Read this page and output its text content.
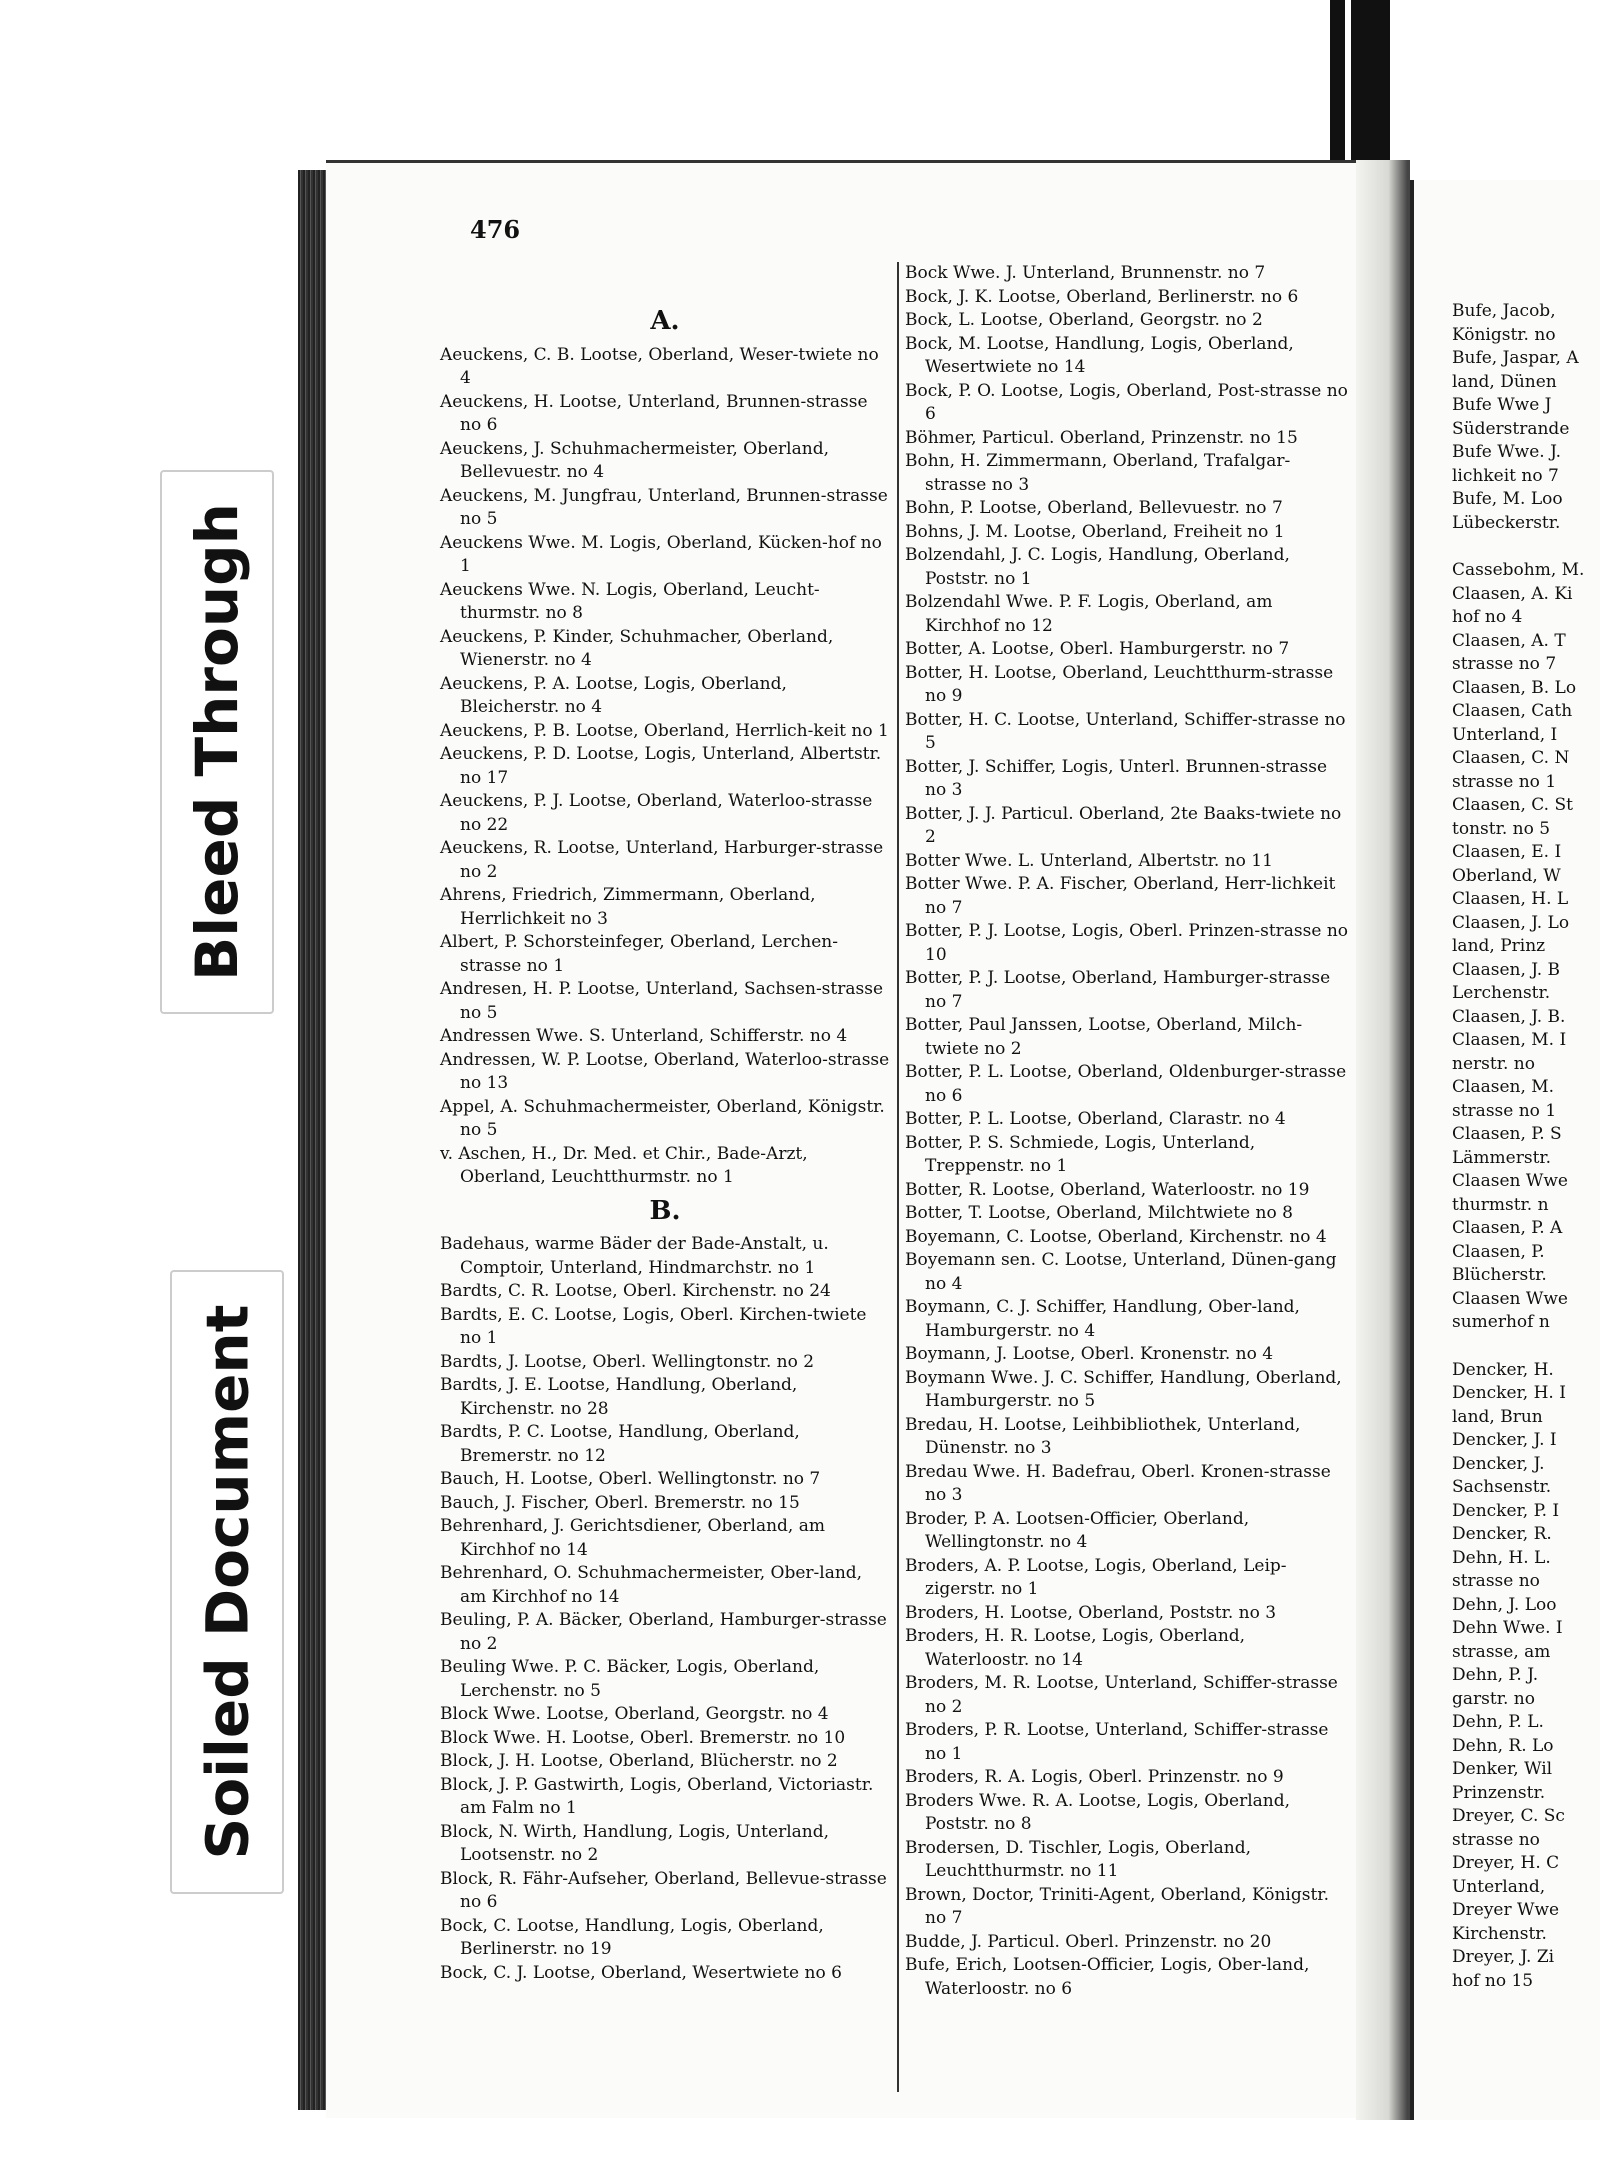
Bleed Through
Soiled Document
476
A.
Aeuckens, C. B. Lootse, Oberland, Weser-twiete no 4
Aeuckens, H. Lootse, Unterland, Brunnen-strasse no 6
Aeuckens, J. Schuhmachermeister, Oberland, Bellevuestr. no 4
Aeuckens, M. Jungfrau, Unterland, Brunnen-strasse no 5
Aeuckens Wwe. M. Logis, Oberland, Kücken-hof no 1
Aeuckens Wwe. N. Logis, Oberland, Leucht-thurmstr. no 8
Aeuckens, P. Kinder, Schuhmacher, Oberland, Wienerstr. no 4
Aeuckens, P. A. Lootse, Logis, Oberland, Bleicherstr. no 4
Aeuckens, P. B. Lootse, Oberland, Herrlich-keit no 1
Aeuckens, P. D. Lootse, Logis, Unterland, Albertstr. no 17
Aeuckens, P. J. Lootse, Oberland, Waterloo-strasse no 22
Aeuckens, R. Lootse, Unterland, Harburger-strasse no 2
Ahrens, Friedrich, Zimmermann, Oberland, Herrlichkeit no 3
Albert, P. Schorsteinfeger, Oberland, Lerchen-strasse no 1
Andresen, H. P. Lootse, Unterland, Sachsen-strasse no 5
Andressen Wwe. S. Unterland, Schifferstr. no 4
Andressen, W. P. Lootse, Oberland, Waterloo-strasse no 13
Appel, A. Schuhmachermeister, Oberland, Königstr. no 5
v. Aschen, H., Dr. Med. et Chir., Bade-Arzt, Oberland, Leuchtthurmstr. no 1
B.
Badehaus, warme Bäder der Bade-Anstalt, u. Comptoir, Unterland, Hindmarchstr. no 1
Bardts, C. R. Lootse, Oberl. Kirchenstr. no 24
Bardts, E. C. Lootse, Logis, Oberl. Kirchen-twiete no 1
Bardts, J. Lootse, Oberl. Wellingtonstr. no 2
Bardts, J. E. Lootse, Handlung, Oberland, Kirchenstr. no 28
Bardts, P. C. Lootse, Handlung, Oberland, Bremerstr. no 12
Bauch, H. Lootse, Oberl. Wellingtonstr. no 7
Bauch, J. Fischer, Oberl. Bremerstr. no 15
Behrenhard, J. Gerichtsdiener, Oberland, am Kirchhof no 14
Behrenhard, O. Schuhmachermeister, Ober-land, am Kirchhof no 14
Beuling, P. A. Bäcker, Oberland, Hamburger-strasse no 2
Beuling Wwe. P. C. Bäcker, Logis, Oberland, Lerchenstr. no 5
Block Wwe. Lootse, Oberland, Georgstr. no 4
Block Wwe. H. Lootse, Oberl. Bremerstr. no 10
Block, J. H. Lootse, Oberland, Blücherstr. no 2
Block, J. P. Gastwirth, Logis, Oberland, Victoriastr. am Falm no 1
Block, N. Wirth, Handlung, Logis, Unterland, Lootsenstr. no 2
Block, R. Fähr-Aufseher, Oberland, Bellevue-strasse no 6
Bock, C. Lootse, Handlung, Logis, Oberland, Berlinerstr. no 19
Bock, C. J. Lootse, Oberland, Wesertwiete no 6
Bock Wwe. J. Unterland, Brunnenstr. no 7
Bock, J. K. Lootse, Oberland, Berlinerstr. no 6
Bock, L. Lootse, Oberland, Georgstr. no 2
Bock, M. Lootse, Handlung, Logis, Oberland, Wesertwiete no 14
Bock, P. O. Lootse, Logis, Oberland, Post-strasse no 6
Böhmer, Particul. Oberland, Prinzenstr. no 15
Bohn, H. Zimmermann, Oberland, Trafalgar-strasse no 3
Bohn, P. Lootse, Oberland, Bellevuestr. no 7
Bohns, J. M. Lootse, Oberland, Freiheit no 1
Bolzendahl, J. C. Logis, Handlung, Oberland, Poststr. no 1
Bolzendahl Wwe. P. F. Logis, Oberland, am Kirchhof no 12
Botter, A. Lootse, Oberl. Hamburgerstr. no 7
Botter, H. Lootse, Oberland, Leuchtthurm-strasse no 9
Botter, H. C. Lootse, Unterland, Schiffer-strasse no 5
Botter, J. Schiffer, Logis, Unterl. Brunnen-strasse no 3
Botter, J. J. Particul. Oberland, 2te Baaks-twiete no 2
Botter Wwe. L. Unterland, Albertstr. no 11
Botter Wwe. P. A. Fischer, Oberland, Herr-lichkeit no 7
Botter, P. J. Lootse, Logis, Oberl. Prinzen-strasse no 10
Botter, P. J. Lootse, Oberland, Hamburger-strasse no 7
Botter, Paul Janssen, Lootse, Oberland, Milch-twiete no 2
Botter, P. L. Lootse, Oberland, Oldenburger-strasse no 6
Botter, P. L. Lootse, Oberland, Clarastr. no 4
Botter, P. S. Schmiede, Logis, Unterland, Treppenstr. no 1
Botter, R. Lootse, Oberland, Waterloostr. no 19
Botter, T. Lootse, Oberland, Milchtwiete no 8
Boyemann, C. Lootse, Oberland, Kirchenstr. no 4
Boyemann sen. C. Lootse, Unterland, Dünen-gang no 4
Boymann, C. J. Schiffer, Handlung, Ober-land, Hamburgerstr. no 4
Boymann, J. Lootse, Oberl. Kronenstr. no 4
Boymann Wwe. J. C. Schiffer, Handlung, Oberland, Hamburgerstr. no 5
Bredau, H. Lootse, Leihbibliothek, Unterland, Dünenstr. no 3
Bredau Wwe. H. Badefrau, Oberl. Kronen-strasse no 3
Broder, P. A. Lootsen-Officier, Oberland, Wellingtonstr. no 4
Broders, A. P. Lootse, Logis, Oberland, Leip-zigerstr. no 1
Broders, H. Lootse, Oberland, Poststr. no 3
Broders, H. R. Lootse, Logis, Oberland, Waterloostr. no 14
Broders, M. R. Lootse, Unterland, Schiffer-strasse no 2
Broders, P. R. Lootse, Unterland, Schiffer-strasse no 1
Broders, R. A. Logis, Oberl. Prinzenstr. no 9
Broders Wwe. R. A. Lootse, Logis, Oberland, Poststr. no 8
Brodersen, D. Tischler, Logis, Oberland, Leuchtthurmstr. no 11
Brown, Doctor, Triniti-Agent, Oberland, Königstr. no 7
Budde, J. Particul. Oberl. Prinzenstr. no 20
Bufe, Erich, Lootsen-Officier, Logis, Ober-land, Waterloostr. no 6
Bufe, Jacob,
Königstr. no
Bufe, Jaspar, A
land, Dünen
Bufe Wwe J
Süderstrande
Bufe Wwe. J.
lichkeit no 7
Bufe, M. Loo
Lübeckerstr.
Cassebohm, M.
Claasen, A. Ki
hof no 4
Claasen, A. T
strasse no 7
Claasen, B. Lo
Claasen, Cath
Unterland, I
Claasen, C. N
strasse no 1
Claasen, C. St
tonstr. no 5
Claasen, E. I
Oberland, W
Claasen, H. L
Claasen, J. Lo
land, Prinz
Claasen, J. B
Lerchenstr.
Claasen, J. B.
Claasen, M. I
nerstr. no
Claasen, M.
strasse no 1
Claasen, P. S
Lämmerstr.
Claasen Wwe
thurmstr. n
Claasen, P. A
Claasen, P.
Blücherstr.
Claasen Wwe
sumerhof n
Dencker, H.
Dencker, H. I
land, Brun
Dencker, J. I
Dencker, J.
Sachsenstr.
Dencker, P. I
Dencker, R.
Dehn, H. L.
strasse no
Dehn, J. Loo
Dehn Wwe. I
strasse, am
Dehn, P. J.
garstr. no
Dehn, P. L.
Dehn, R. Lo
Denker, Wil
Prinzenstr.
Dreyer, C. Sc
strasse no
Dreyer, H. C
Unterland,
Dreyer Wwe
Kirchenstr.
Dreyer, J. Zi
hof no 15
